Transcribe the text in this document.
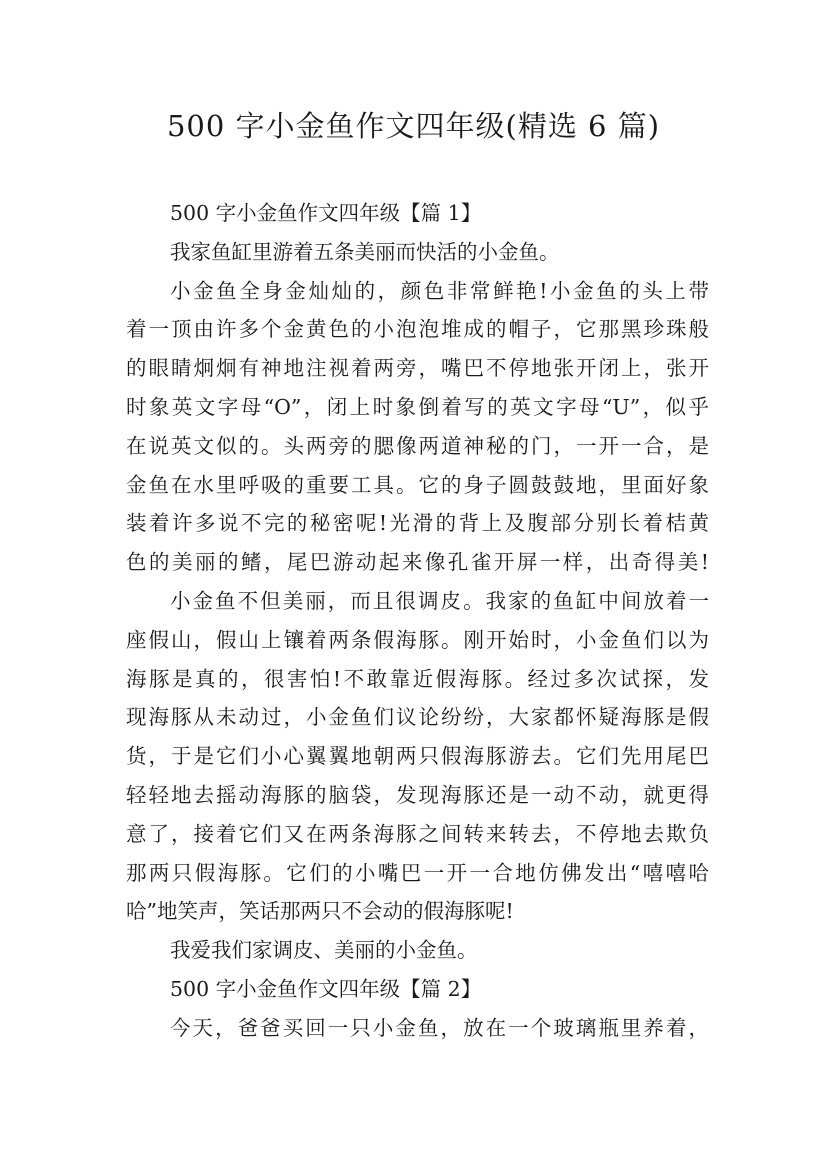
500 字小金鱼作文四年级(精选 6 篇)
500 字小金鱼作文四年级【篇 1】
我家鱼缸里游着五条美丽而快活的小金鱼。
小金鱼全身金灿灿的，颜色非常鲜艳!小金鱼的头上带
着一顶由许多个金黄色的小泡泡堆成的帽子，它那黑珍珠般
的眼睛炯炯有神地注视着两旁，嘴巴不停地张开闭上，张开
时象英文字母“O”，闭上时象倒着写的英文字母“U”，似乎
在说英文似的。头两旁的腮像两道神秘的门，一开一合，是
金鱼在水里呼吸的重要工具。它的身子圆鼓鼓地，里面好象
装着许多说不完的秘密呢!光滑的背上及腹部分别长着桔黄
色的美丽的鳍，尾巴游动起来像孔雀开屏一样，出奇得美!
小金鱼不但美丽，而且很调皮。我家的鱼缸中间放着一
座假山，假山上镶着两条假海豚。刚开始时，小金鱼们以为
海豚是真的，很害怕!不敢靠近假海豚。经过多次试探，发
现海豚从未动过，小金鱼们议论纷纷，大家都怀疑海豚是假
货，于是它们小心翼翼地朝两只假海豚游去。它们先用尾巴
轻轻地去摇动海豚的脑袋，发现海豚还是一动不动，就更得
意了，接着它们又在两条海豚之间转来转去，不停地去欺负
那两只假海豚。它们的小嘴巴一开一合地仿佛发出“嘻嘻哈
哈”地笑声，笑话那两只不会动的假海豚呢!
我爱我们家调皮、美丽的小金鱼。
500 字小金鱼作文四年级【篇 2】
今天，爸爸买回一只小金鱼，放在一个玻璃瓶里养着，
